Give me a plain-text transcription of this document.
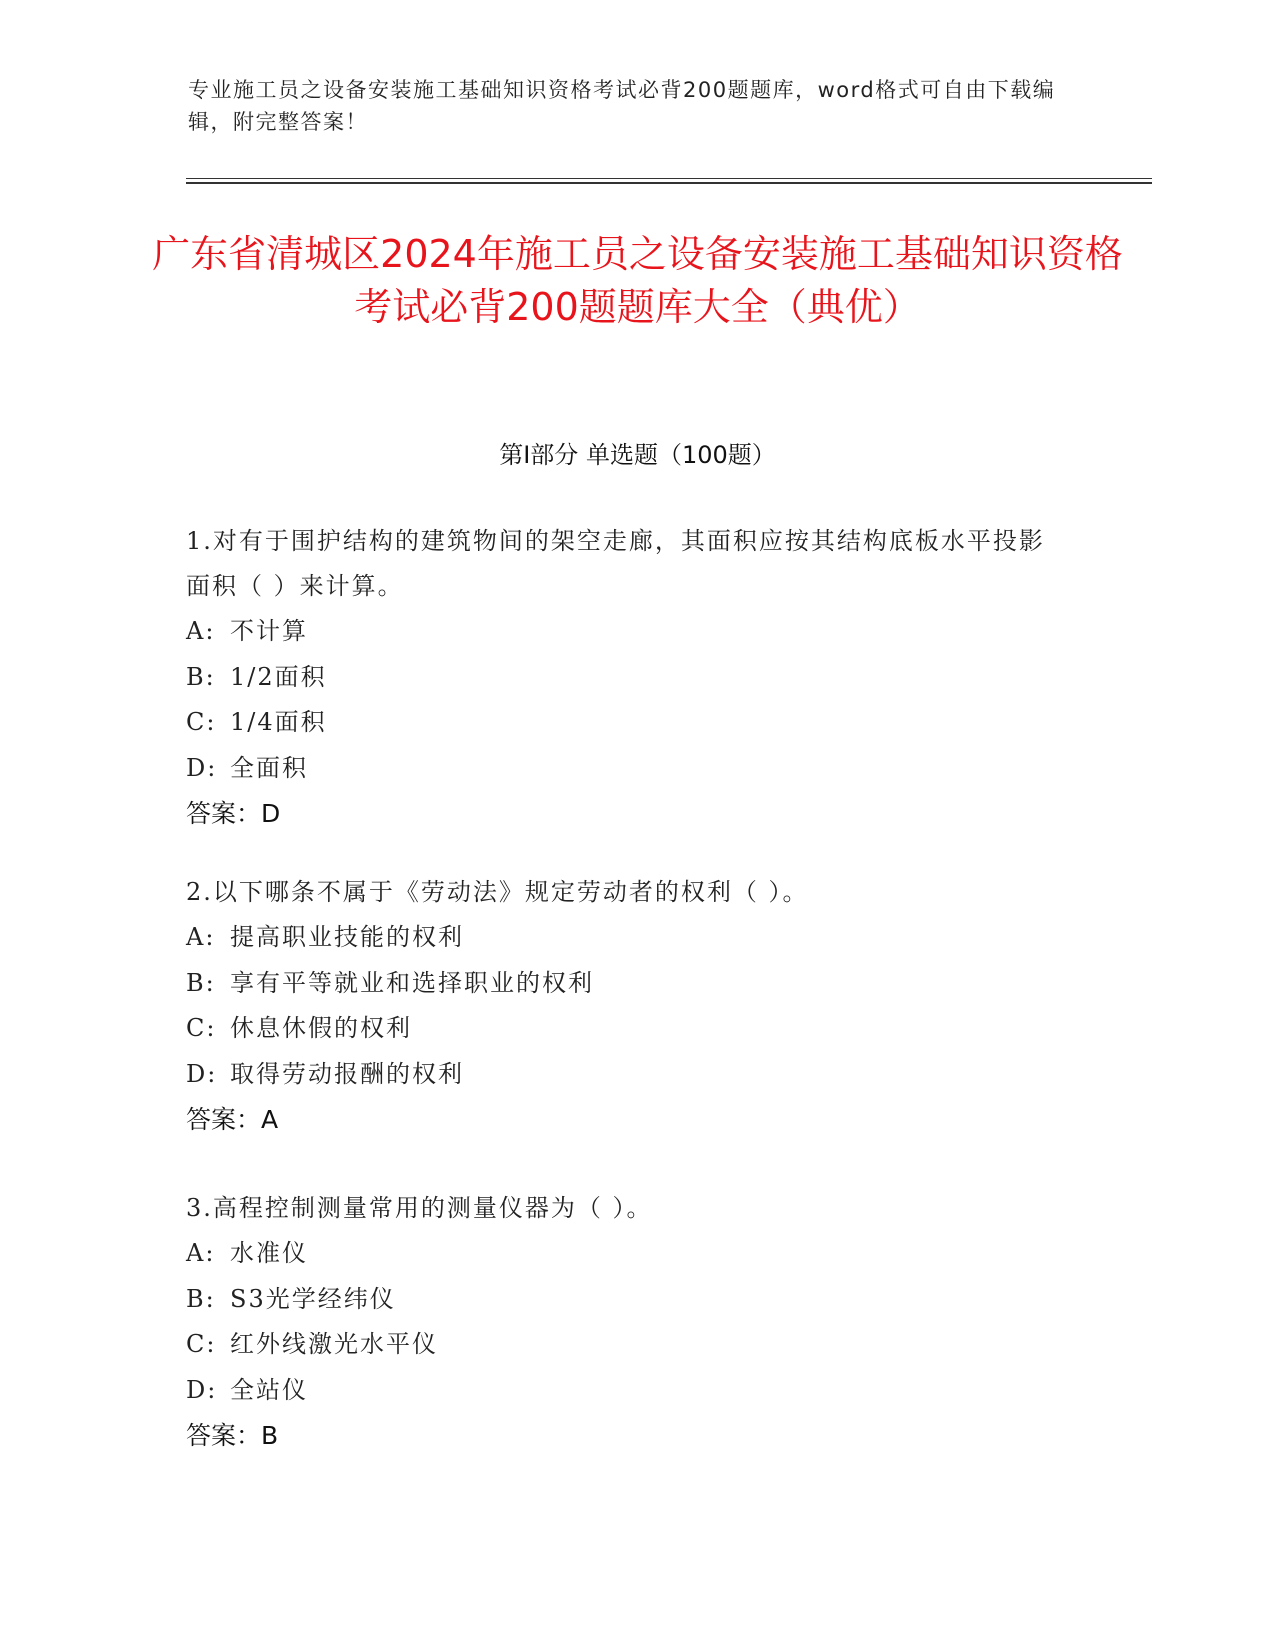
专业施工员之设备安装施工基础知识资格考试必背200题题库，word格式可自由下载编辑，附完整答案！
广东省清城区2024年施工员之设备安装施工基础知识资格考试必背200题题库大全（典优）
第I部分 单选题（100题）
1.对有于围护结构的建筑物间的架空走廊，其面积应按其结构底板水平投影面积（ ）来计算。
A: 不计算
B: 1/2面积
C: 1/4面积
D: 全面积
答案：D
2.以下哪条不属于《劳动法》规定劳动者的权利（ ）。
A: 提高职业技能的权利
B: 享有平等就业和选择职业的权利
C: 休息休假的权利
D: 取得劳动报酬的权利
答案：A
3.高程控制测量常用的测量仪器为（ ）。
A: 水准仪
B: S3光学经纬仪
C: 红外线激光水平仪
D: 全站仪
答案：B
